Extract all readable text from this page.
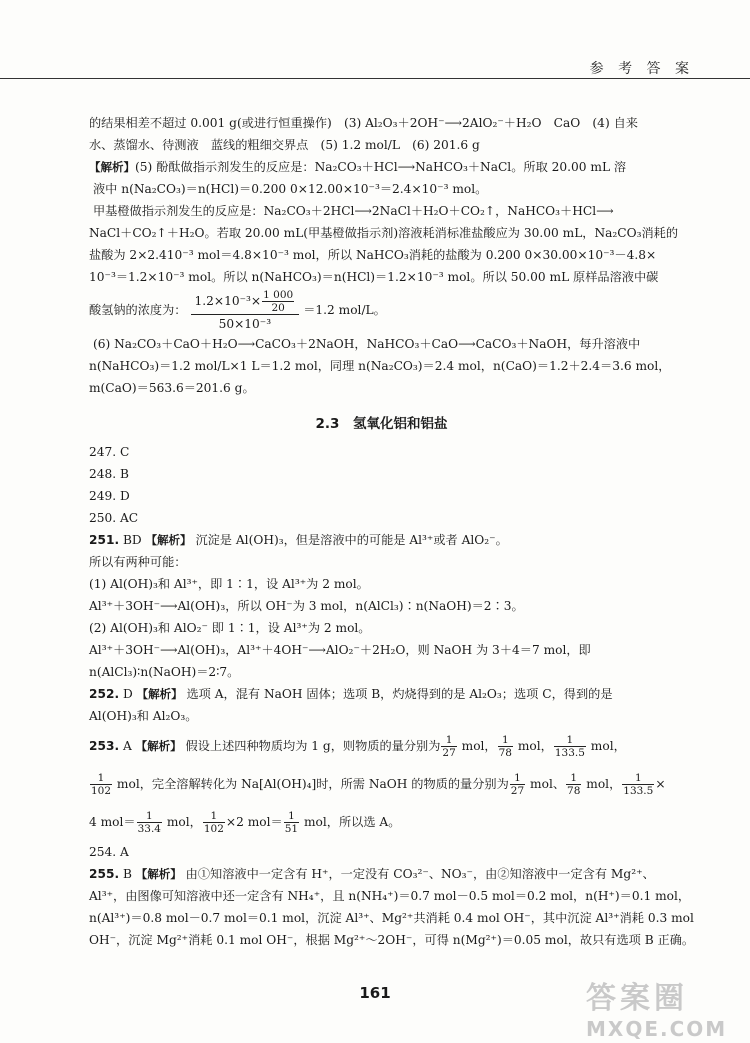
参 考 答 案

的结果相差不超过 0.001 g(或进行恒重操作)　(3) Al₂O₃＋2OH⁻⟶2AlO₂⁻＋H₂O　CaO　(4) 自来

水、蒸馏水、待测液　蓝线的粗细交界点　(5) 1.2 mol/L　(6) 201.6 g

【解析】(5) 酚酞做指示剂发生的反应是：Na₂CO₃＋HCl⟶NaHCO₃＋NaCl。所取 20.00 mL 溶

液中 n(Na₂CO₃)＝n(HCl)＝0.200 0×12.00×10⁻³＝2.4×10⁻³ mol。

甲基橙做指示剂发生的反应是：Na₂CO₃＋2HCl⟶2NaCl＋H₂O＋CO₂↑，NaHCO₃＋HCl⟶

NaCl＋CO₂↑＋H₂O。若取 20.00 mL(甲基橙做指示剂)溶液耗消标准盐酸应为 30.00 mL，Na₂CO₃消耗的

盐酸为 2×2.410⁻³ mol＝4.8×10⁻³ mol，所以 NaHCO₃消耗的盐酸为 0.200 0×30.00×10⁻³－4.8×

10⁻³＝1.2×10⁻³ mol。所以 n(NaHCO₃)＝n(HCl)＝1.2×10⁻³ mol。所以 50.00 mL 原样品溶液中碳

酸氢钠的浓度为： $\frac{1.2\times 10^{-3}\times \frac{1 000}{20}}{\text{50×10⁻³}} =1.2$ mol/L。

(6) Na₂CO₃＋CaO＋H₂O⟶CaCO₃＋2NaOH，NaHCO₃＋CaO⟶CaCO₃＋NaOH，每升溶液中

n(NaHCO₃)＝1.2 mol/L×1 L＝1.2 mol，同理 n(Na₂CO₃)＝2.4 mol，n(CaO)＝1.2＋2.4＝3.6 mol，

m(CaO)＝563.6＝201.6 g。

2.3　氢氧化铝和铝盐

247. C

248. B

249. D

250. AC

251. BD 【解析】 沉淀是 Al(OH)₃，但是溶液中的可能是 Al³⁺或者 AlO₂⁻。

所以有两种可能：

(1) Al(OH)₃和 Al³⁺，即 1∶1，设 Al³⁺为 2 mol。

Al³⁺＋3OH⁻⟶Al(OH)₃，所以 OH⁻为 3 mol，n(AlCl₃)∶n(NaOH)＝2∶3。

(2) Al(OH)₃和 AlO₂⁻ 即 1∶1，设 Al³⁺为 2 mol。

Al³⁺＋3OH⁻⟶Al(OH)₃，Al³⁺＋4OH⁻⟶AlO₂⁻＋2H₂O，则 NaOH 为 3＋4＝7 mol，即

n(AlCl₃)∶n(NaOH)＝2∶7。

252. D 【解析】 选项 A，混有 NaOH 固体；选项 B，灼烧得到的是 Al₂O₃；选项 C，得到的是

Al(OH)₃和 Al₂O₃。

253. A 【解析】 假设上述四种物质均为 1 g，则物质的量分别为 $\frac{1}{27}$ mol， $\frac{1}{78}$ mol， $\frac{1}{133.5}$ mol，

$\frac{1}{102}$ mol，完全溶解转化为 Na[Al(OH)₄]时，所需 NaOH 的物质的量分别为 $\frac{1}{27}$ mol、 $\frac{1}{78}$ mol， $\frac{1}{133.5}$ ×

4 $mol= \frac{1}{33.4}$ mol， $\frac{1}{102} \times 2$ $mol= \frac{1}{51}$ mol，所以选 A。

254. A

255. B 【解析】 由①知溶液中一定含有 H⁺，一定没有 CO₃²⁻、NO₃⁻，由②知溶液中一定含有 Mg²⁺、

Al³⁺，由图像可知溶液中还一定含有 NH₄⁺，且 n(NH₄⁺)＝0.7 mol－0.5 mol＝0.2 mol，n(H⁺)＝0.1 mol，

n(Al³⁺)＝0.8 mol－0.7 mol＝0.1 mol，沉淀 Al³⁺、Mg²⁺共消耗 0.4 mol OH⁻，其中沉淀 Al³⁺消耗 0.3 mol

OH⁻，沉淀 Mg²⁺消耗 0.1 mol OH⁻，根据 Mg²⁺～2OH⁻，可得 n(Mg²⁺)＝0.05 mol，故只有选项 B 正确。

161	答案圈
MXQE.COM
